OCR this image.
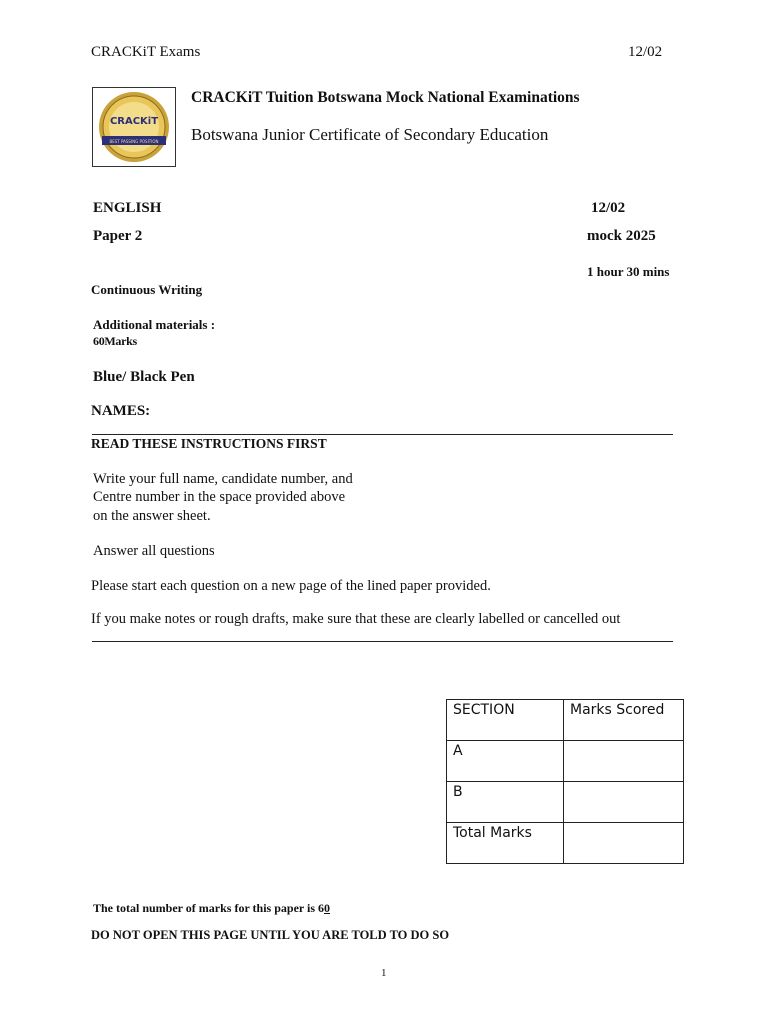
CRACKiT Exams	12/02
CRACKiT
BEST PASSING POSITION
CRACKiT Tuition Botswana Mock National Examinations
Botswana Junior Certificate of Secondary Education
ENGLISH	12/02
Paper 2	mock 2025
1 hour 30 mins
Continuous Writing
Additional materials :
60Marks
Blue/ Black Pen
NAMES:
READ THESE INSTRUCTIONS FIRST
Write your full name, candidate number, and
Centre number in the space provided above
on the answer sheet.
Answer all questions
Please start each question on a new page of the lined paper provided.
If you make notes or rough drafts, make sure that these are clearly labelled or cancelled out
SECTION	Marks Scored
A	
B	
Total Marks	
The total number of marks for this paper is 60
DO NOT OPEN THIS PAGE UNTIL YOU ARE TOLD TO DO SO
1
